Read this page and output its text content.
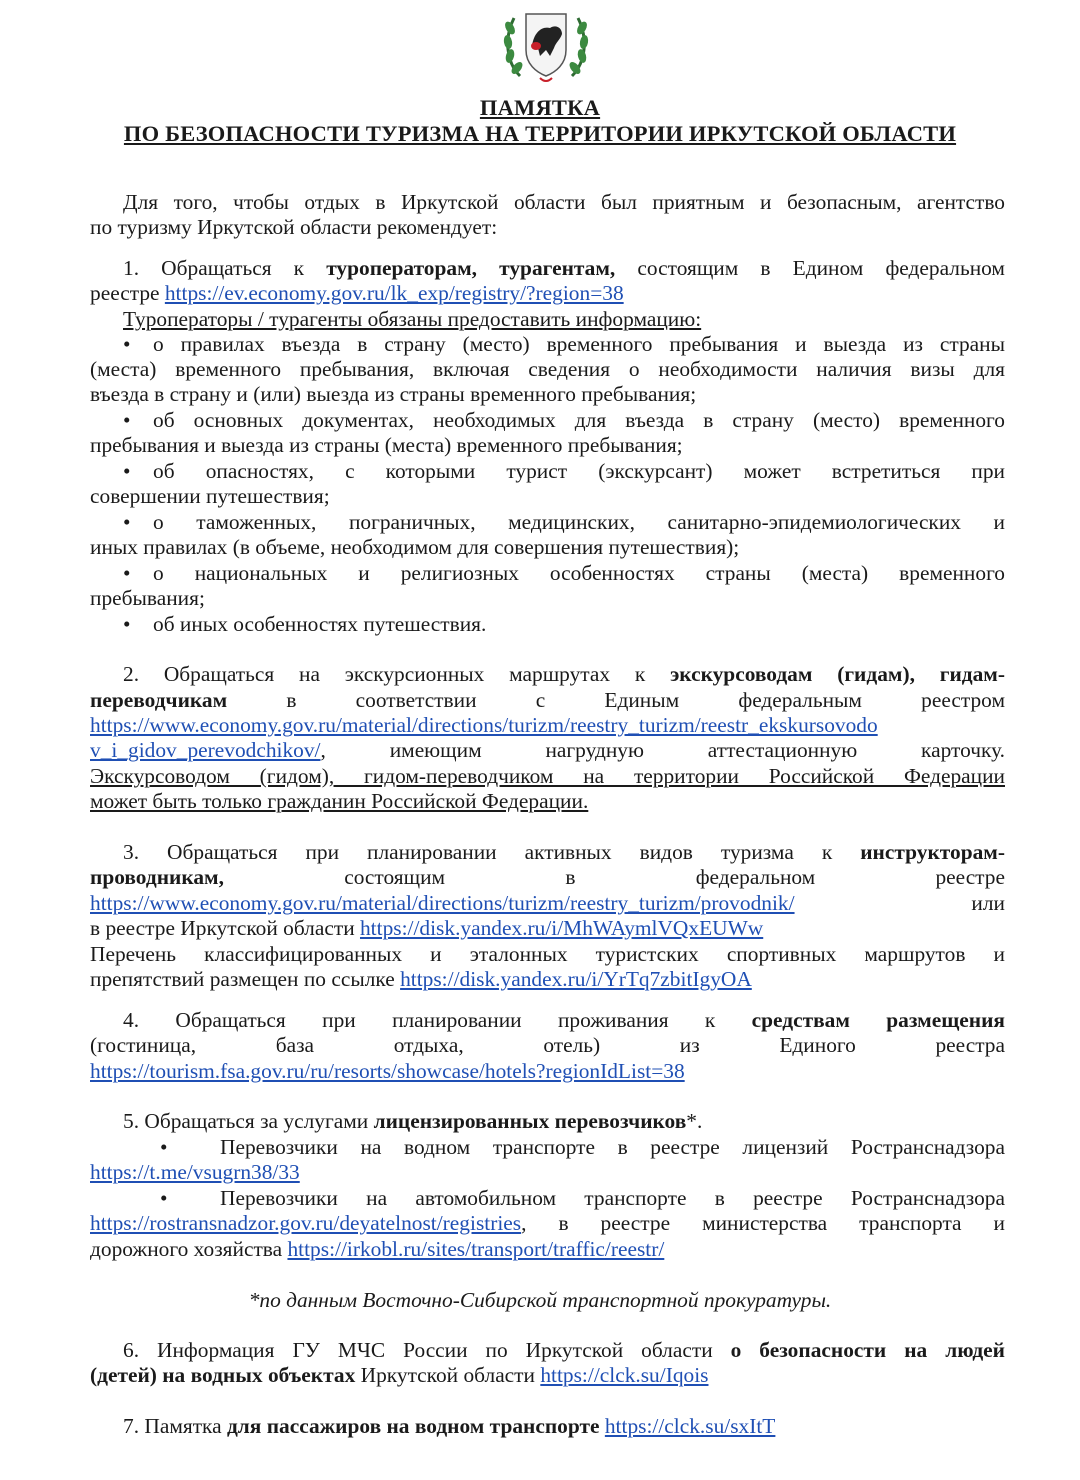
ПАМЯТКА
ПО БЕЗОПАСНОСТИ ТУРИЗМА НА ТЕРРИТОРИИ ИРКУТСКОЙ ОБЛАСТИ
Для того, чтобы отдых в Иркутской области был приятным и безопасным, агентство
по туризму Иркутской области рекомендует:
1. Обращаться к туроператорам, турагентам, состоящим в Едином федеральном
реестре https://ev.economy.gov.ru/lk_exp/registry/?region=38
Туроператоры / турагенты обязаны предоставить информацию:
• о правилах въезда в страну (место) временного пребывания и выезда из страны
(места) временного пребывания, включая сведения о необходимости наличия визы для
въезда в страну и (или) выезда из страны временного пребывания;
• об основных документах, необходимых для въезда в страну (место) временного
пребывания и выезда из страны (места) временного пребывания;
• об опасностях, с которыми турист (экскурсант) может встретиться при
совершении путешествия;
• о таможенных, пограничных, медицинских, санитарно-эпидемиологических и
иных правилах (в объеме, необходимом для совершения путешествия);
• о национальных и религиозных особенностях страны (места) временного
пребывания;
• об иных особенностях путешествия.
2. Обращаться на экскурсионных маршрутах к экскурсоводам (гидам), гидам-
переводчикам в соответствии с Единым федеральным реестром
https://www.economy.gov.ru/material/directions/turizm/reestry_turizm/reestr_ekskursovodo
v_i_gidov_perevodchikov/, имеющим нагрудную аттестационную карточку.
Экскурсоводом (гидом), гидом-переводчиком на территории Российской Федерации
может быть только гражданин Российской Федерации.
3. Обращаться при планировании активных видов туризма к инструкторам-
проводникам, состоящим в федеральном реестре
https://www.economy.gov.ru/material/directions/turizm/reestry_turizm/provodnik/ или
в реестре Иркутской области https://disk.yandex.ru/i/MhWAymlVQxEUWw
Перечень классифицированных и эталонных туристских спортивных маршрутов и
препятствий размещен по ссылке https://disk.yandex.ru/i/YrTq7zbitIgyOA
4. Обращаться при планировании проживания к средствам размещения
(гостиница, база отдыха, отель) из Единого реестра
https://tourism.fsa.gov.ru/ru/resorts/showcase/hotels?regionIdList=38
5. Обращаться за услугами лицензированных перевозчиков*.
• Перевозчики на водном транспорте в реестре лицензий Ространснадзора
https://t.me/vsugrn38/33
• Перевозчики на автомобильном транспорте в реестре Ространснадзора
https://rostransnadzor.gov.ru/deyatelnost/registries, в реестре министерства транспорта и
дорожного хозяйства https://irkobl.ru/sites/transport/traffic/reestr/
*по данным Восточно-Сибирской транспортной прокуратуры.
6. Информация ГУ МЧС России по Иркутской области о безопасности на людей
(детей) на водных объектах Иркутской области https://clck.su/Iqois
7. Памятка для пассажиров на водном транспорте https://clck.su/sxItT
